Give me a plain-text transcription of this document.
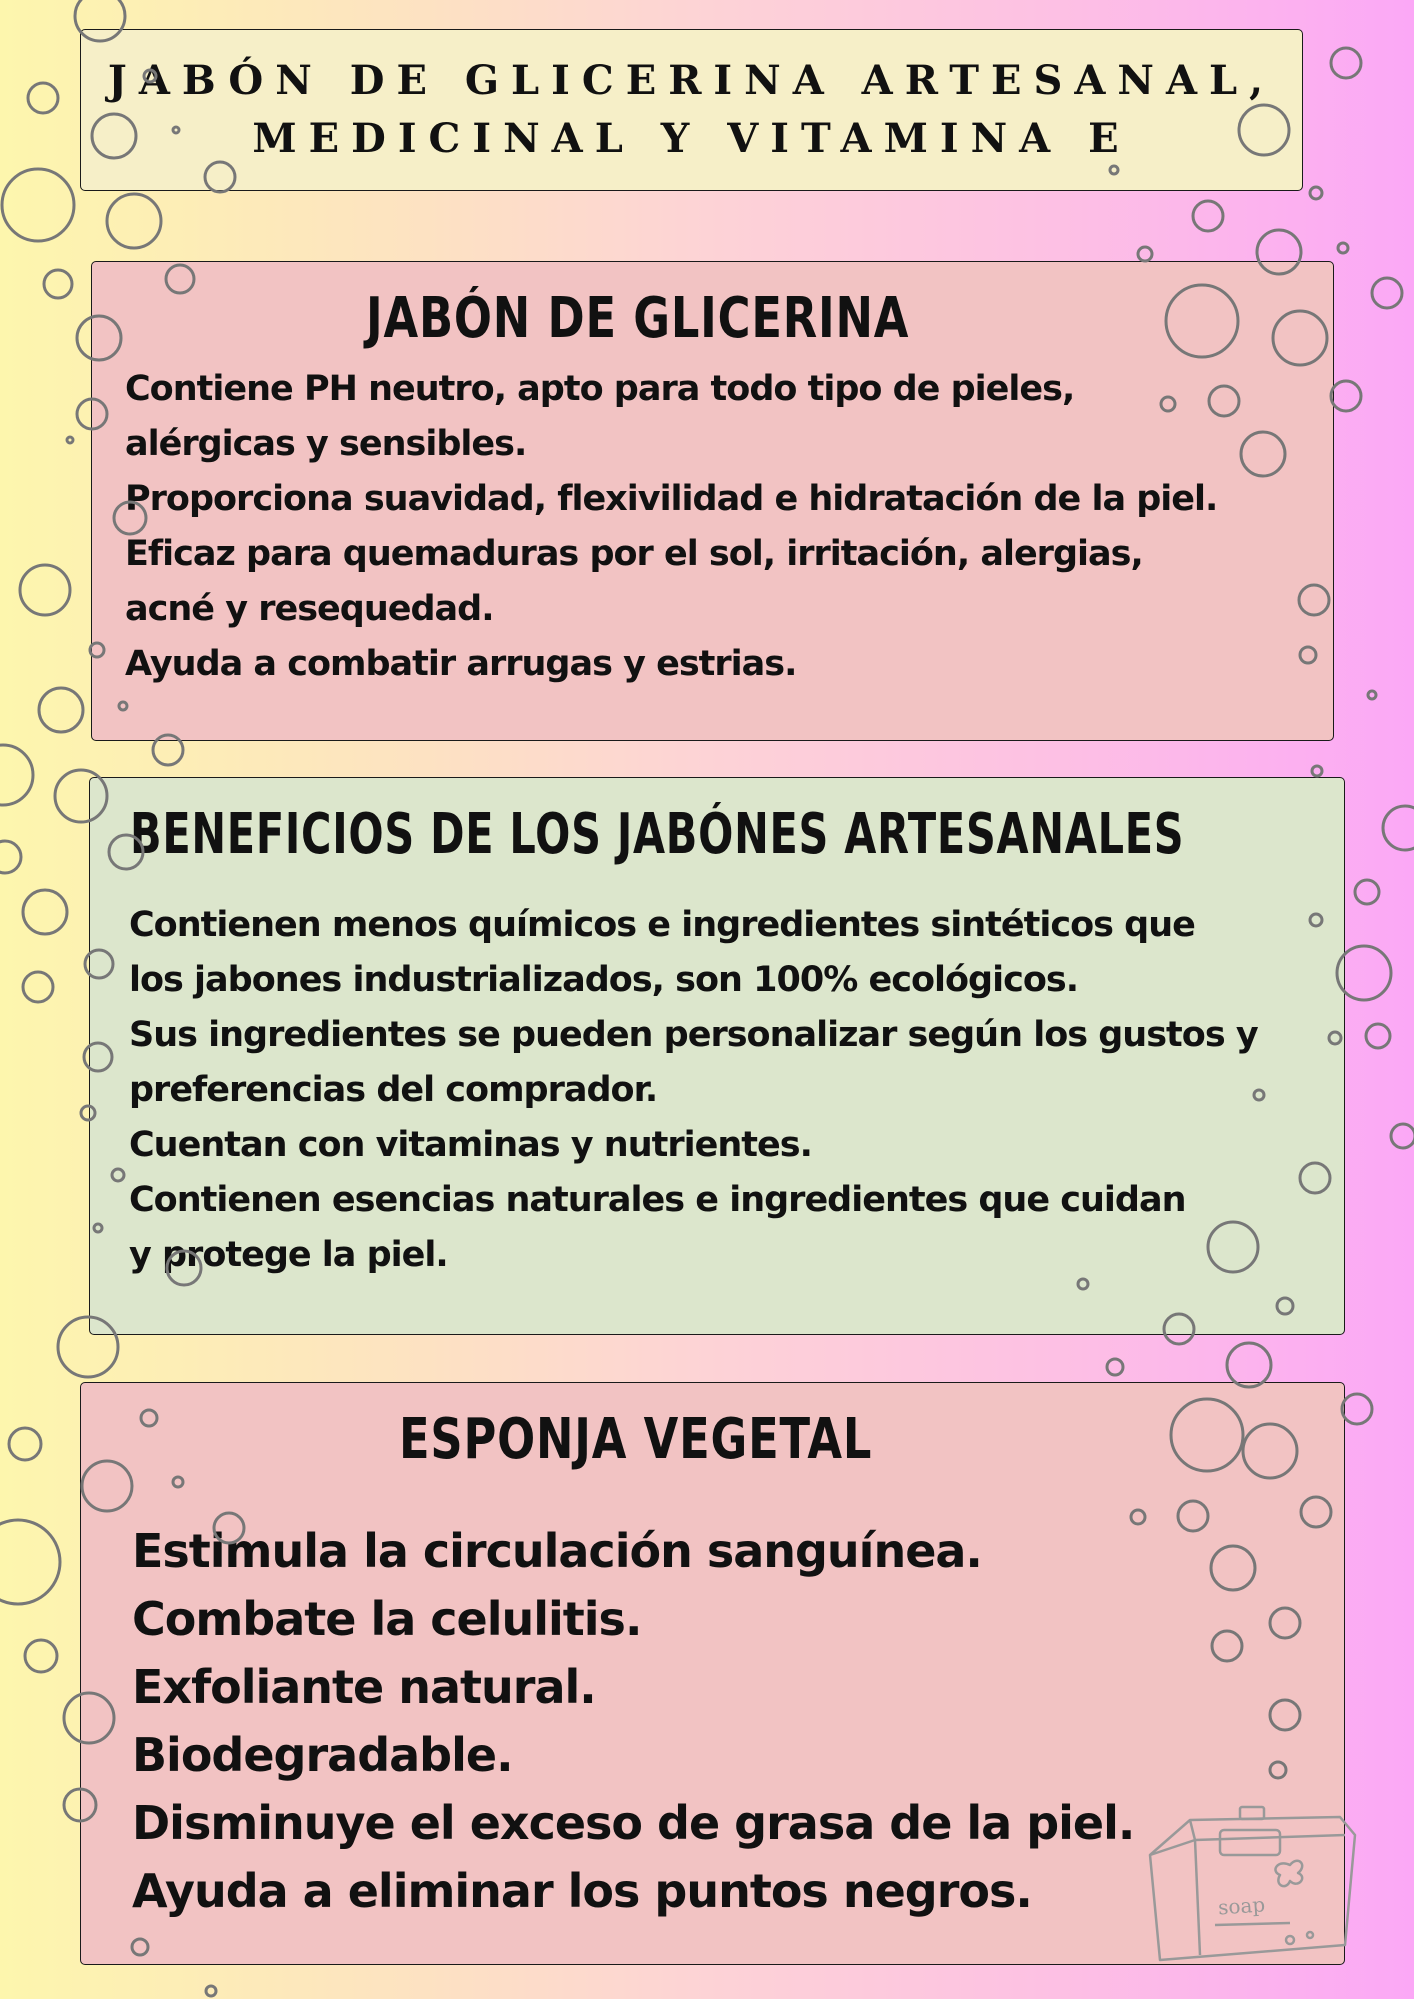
JABÓN DE GLICERINA ARTESANAL,
MEDICINAL Y VITAMINA E
JABÓN DE GLICERINA

Contiene PH neutro, apto para todo tipo de pieles,
alérgicas y sensibles.
Proporciona suavidad, flexivilidad e hidratación de la piel.
Eficaz para quemaduras por el sol, irritación, alergias,
acné y resequedad.
Ayuda a combatir arrugas y estrias.

BENEFICIOS DE LOS JABÓNES ARTESANALES

Contienen menos químicos e ingredientes sintéticos que
los jabones industrializados, son 100% ecológicos.
Sus ingredientes se pueden personalizar según los gustos y
preferencias del comprador.
Cuentan con vitaminas y nutrientes.
Contienen esencias naturales e ingredientes que cuidan
y protege la piel.

ESPONJA VEGETAL

Estimula la circulación sanguínea.
Combate la celulitis.
Exfoliante natural.
Biodegradable.
Disminuye el exceso de grasa de la piel.
Ayuda a eliminar los puntos negros.	soap
